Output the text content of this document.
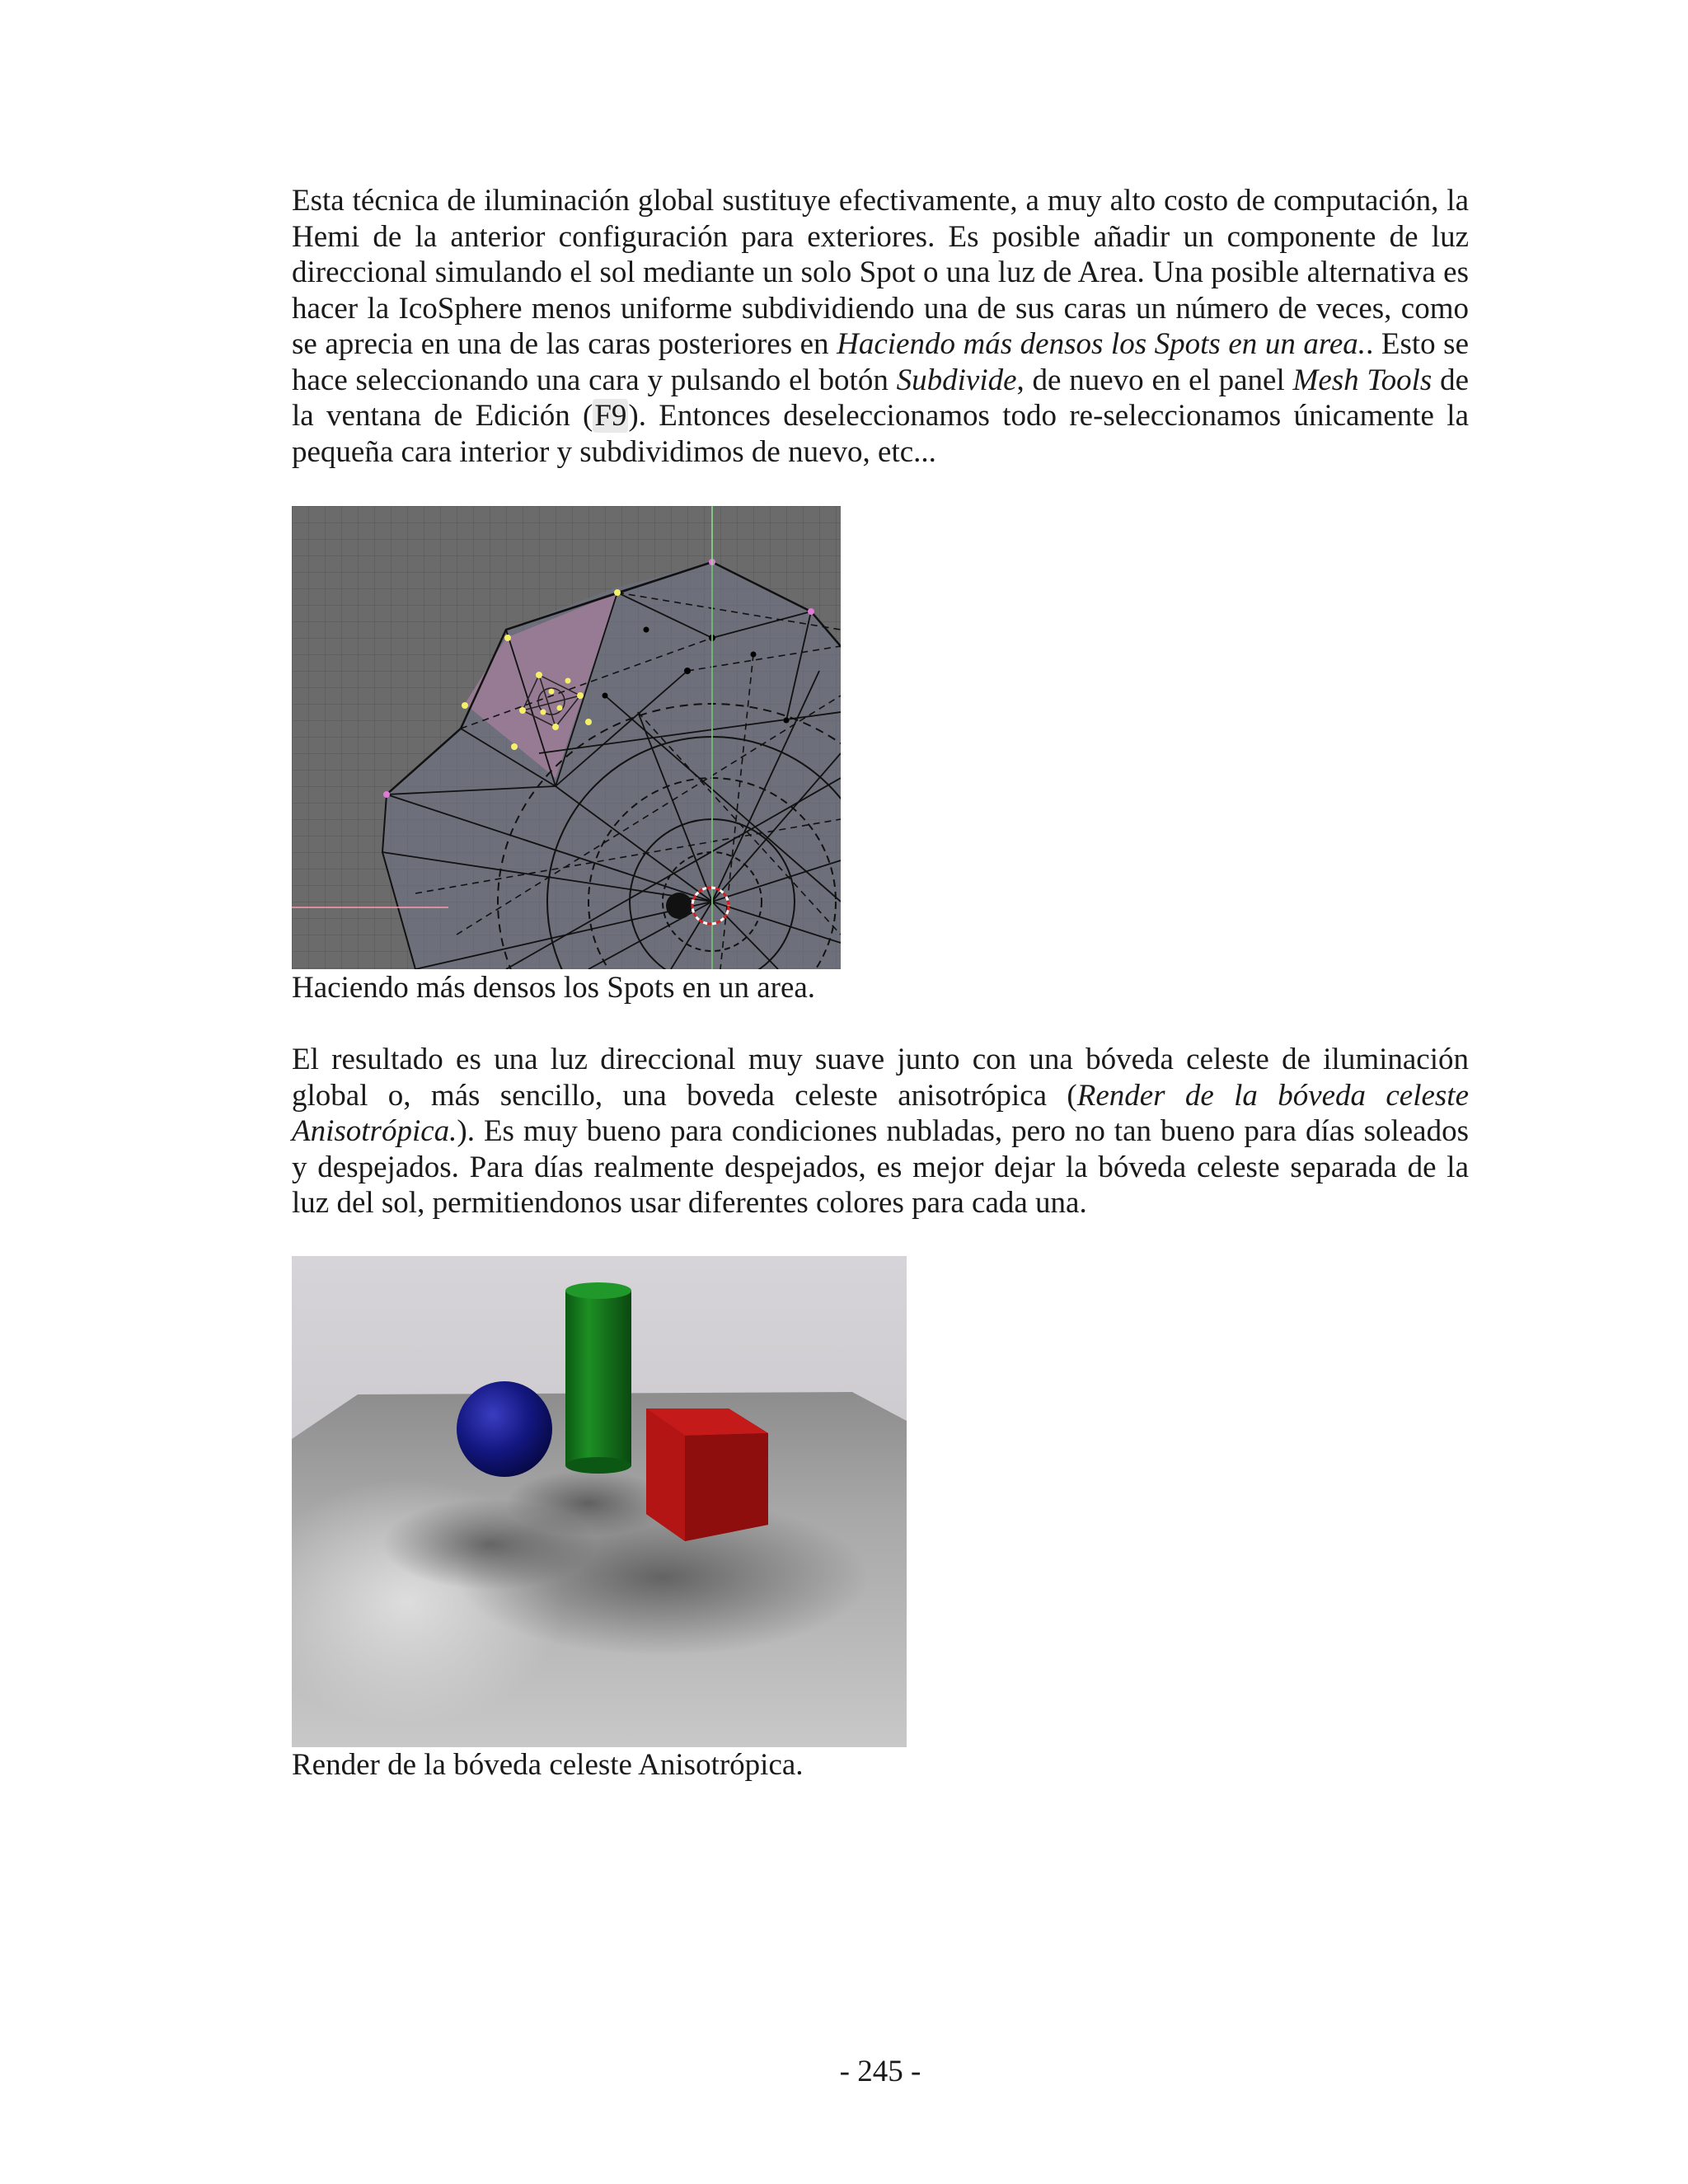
Esta técnica de iluminación global sustituye efectivamente, a muy alto costo de computación, la Hemi de la anterior configuración para exteriores. Es posible añadir un componente de luz direccional simulando el sol mediante un solo Spot o una luz de Area. Una posible alternativa es hacer la IcoSphere menos uniforme subdividiendo una de sus caras un número de veces, como se aprecia en una de las caras posteriores en Haciendo más densos los Spots en un area.. Esto se hace seleccionando una cara y pulsando el botón Subdivide, de nuevo en el panel Mesh Tools de la ventana de Edición (F9). Entonces deseleccionamos todo re-seleccionamos únicamente la pequeña cara interior y subdividimos de nuevo, etc...

Haciendo más densos los Spots en un area.

El resultado es una luz direccional muy suave junto con una bóveda celeste de iluminación global o, más sencillo, una boveda celeste anisotrópica (Render de la bóveda celeste Anisotrópica.). Es muy bueno para condiciones nubladas, pero no tan bueno para días soleados y despejados. Para días realmente despejados, es mejor dejar la bóveda celeste separada de la luz del sol, permitiendonos usar diferentes colores para cada una.

Render de la bóveda celeste Anisotrópica.

- 245 -
